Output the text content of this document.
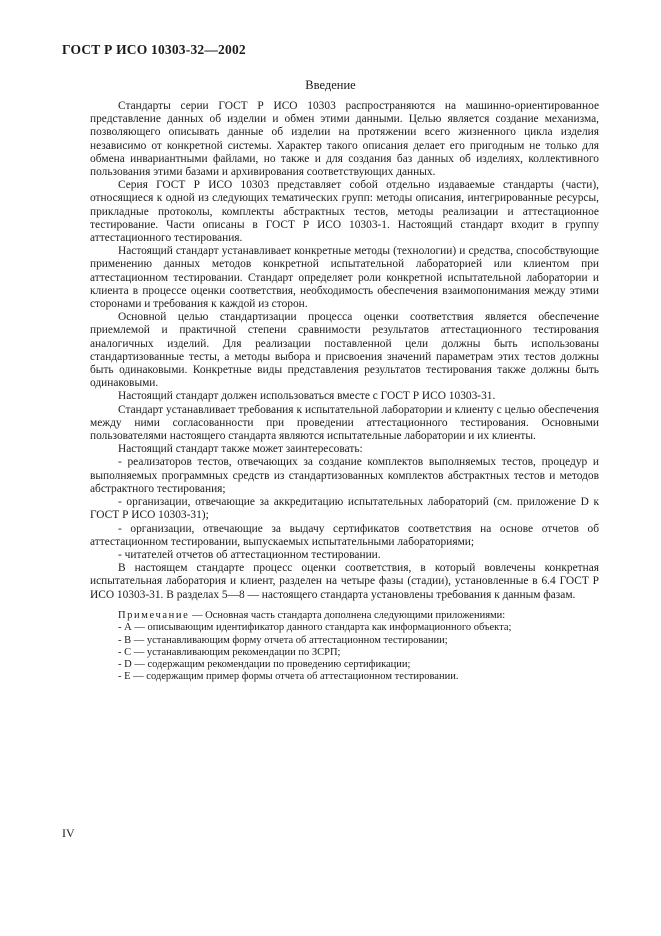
ГОСТ Р ИСО 10303-32—2002
Введение

Стандарты серии ГОСТ Р ИСО 10303 распространяются на машинно-ориентированное представление данных об изделии и обмен этими данными. Целью является создание механизма, позволяющего описывать данные об изделии на протяжении всего жизненного цикла изделия независимо от конкретной системы. Характер такого описания делает его пригодным не только для обмена инвариантными файлами, но также и для создания баз данных об изделиях, коллективного пользования этими базами и архивирования соответствующих данных.

Серия ГОСТ Р ИСО 10303 представляет собой отдельно издаваемые стандарты (части), относящиеся к одной из следующих тематических групп: методы описания, интегрированные ресурсы, прикладные протоколы, комплекты абстрактных тестов, методы реализации и аттестационное тестирование. Части описаны в ГОСТ Р ИСО 10303-1. Настоящий стандарт входит в группу аттестационного тестирования.

Настоящий стандарт устанавливает конкретные методы (технологии) и средства, способствующие применению данных методов конкретной испытательной лабораторией или клиентом при аттестационном тестировании. Стандарт определяет роли конкретной испытательной лаборатории и клиента в процессе оценки соответствия, необходимость обеспечения взаимопонимания между этими сторонами и требования к каждой из сторон.

Основной целью стандартизации процесса оценки соответствия является обеспечение приемлемой и практичной степени сравнимости результатов аттестационного тестирования аналогичных изделий. Для реализации поставленной цели должны быть использованы стандартизованные тесты, а методы выбора и присвоения значений параметрам этих тестов должны быть одинаковыми. Конкретные виды представления результатов тестирования также должны быть одинаковыми.

Настоящий стандарт должен использоваться вместе с ГОСТ Р ИСО 10303-31.

Стандарт устанавливает требования к испытательной лаборатории и клиенту с целью обеспечения между ними согласованности при проведении аттестационного тестирования. Основными пользователями настоящего стандарта являются испытательные лаборатории и их клиенты.

Настоящий стандарт также может заинтересовать:

- реализаторов тестов, отвечающих за создание комплектов выполняемых тестов, процедур и выполняемых программных средств из стандартизованных комплектов абстрактных тестов и методов абстрактного тестирования;

- организации, отвечающие за аккредитацию испытательных лабораторий (см. приложение D к ГОСТ Р ИСО 10303-31);

- организации, отвечающие за выдачу сертификатов соответствия на основе отчетов об аттестационном тестировании, выпускаемых испытательными лабораториями;

- читателей отчетов об аттестационном тестировании.

В настоящем стандарте процесс оценки соответствия, в который вовлечены конкретная испытательная лаборатория и клиент, разделен на четыре фазы (стадии), установленные в 6.4 ГОСТ Р ИСО 10303-31. В разделах 5—8 — настоящего стандарта установлены требования к данным фазам.

Примечание — Основная часть стандарта дополнена следующими приложениями:

- А — описывающим идентификатор данного стандарта как информационного объекта;

- В — устанавливающим форму отчета об аттестационном тестировании;

- С — устанавливающим рекомендации по ЗСРП;

- D — содержащим рекомендации по проведению сертификации;

- Е — содержащим пример формы отчета об аттестационном тестировании.

IV
